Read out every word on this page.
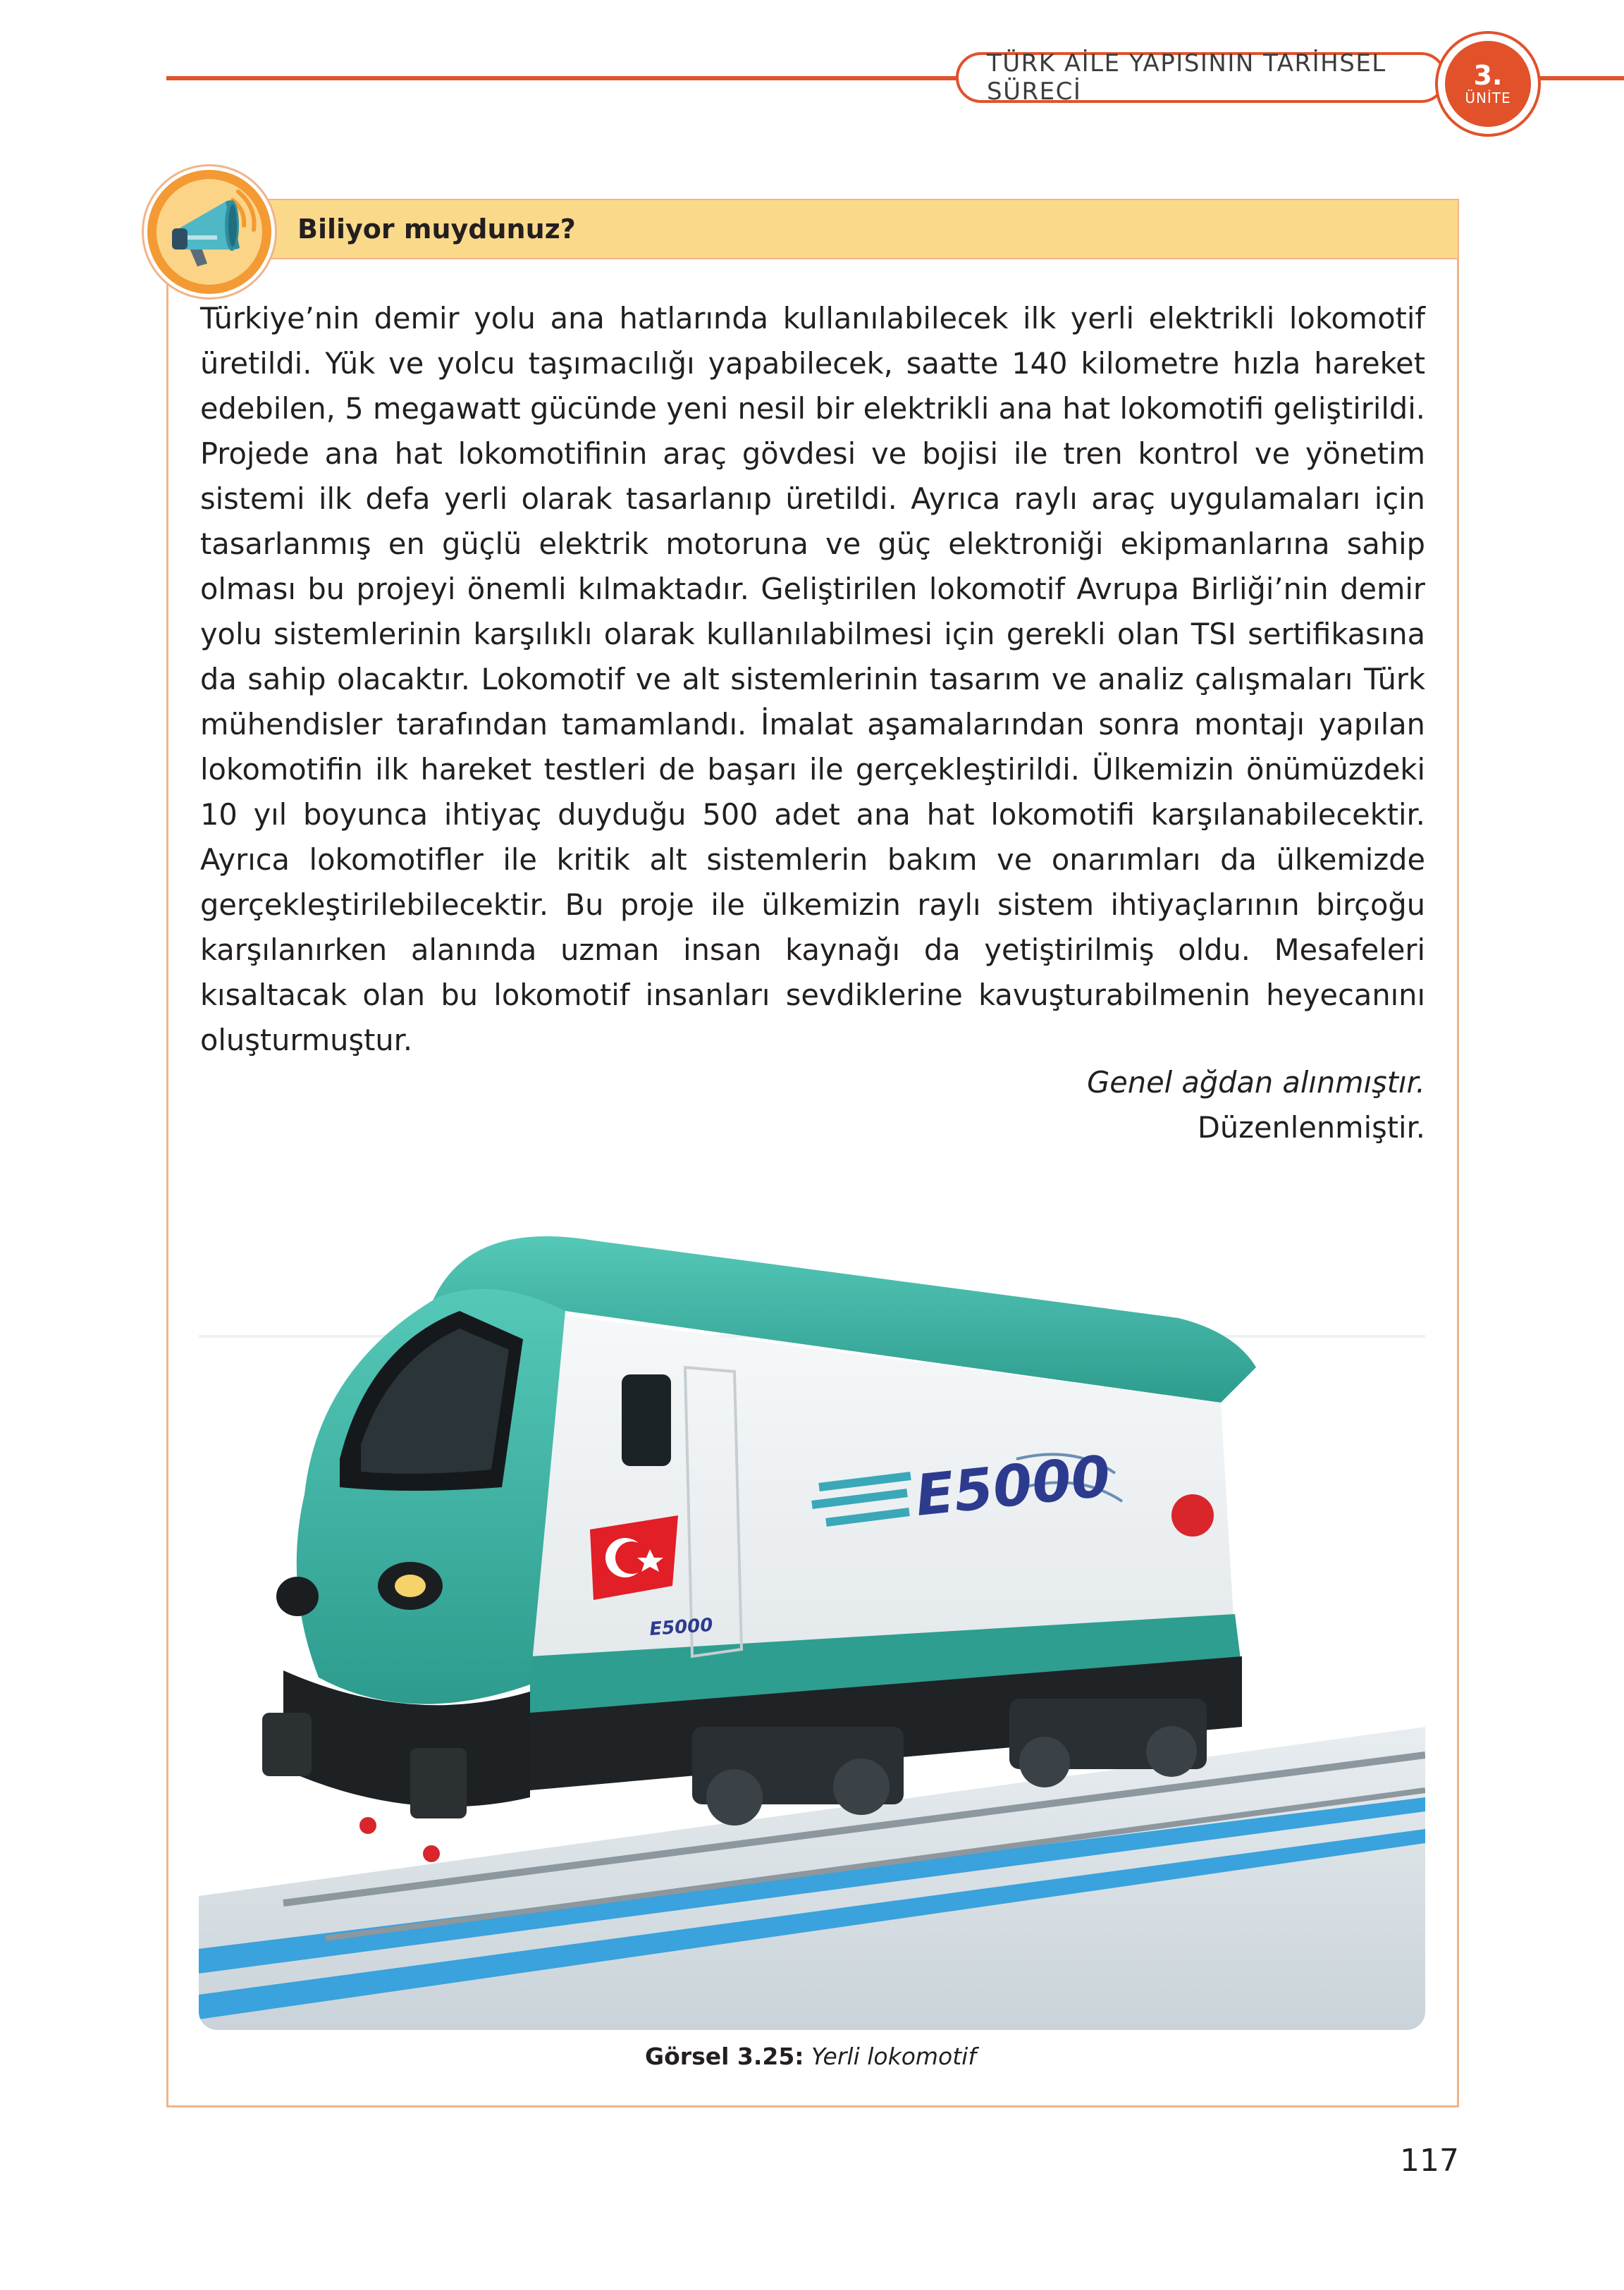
TÜRK AİLE YAPISININ TARİHSEL SÜRECİ
3.
ÜNİTE
Biliyor muydunuz?
Türkiye’nin demir yolu ana hatlarında kullanılabilecek ilk yerli elektrikli lokomotif üretildi. Yük ve yolcu taşımacılığı yapabilecek, saatte 140 kilometre hızla hareket edebilen, 5 megawatt gücünde yeni nesil bir elektrikli ana hat lokomotifi geliştirildi. Projede ana hat lokomotifinin araç gövdesi ve bojisi ile tren kontrol ve yönetim sistemi ilk defa yerli olarak tasarlanıp üretildi. Ayrıca raylı araç uygulamaları için tasarlanmış en güçlü elektrik motoruna ve güç elektroniği ekipmanlarına sahip olması bu projeyi önemli kılmaktadır. Geliştirilen lokomotif Avrupa Birliği’nin demir yolu sistemlerinin karşılıklı olarak kullanılabilmesi için gerekli olan TSI sertifikasına da sahip olacaktır. Lokomotif ve alt sistemlerinin tasarım ve analiz çalışmaları Türk mühendisler tarafından tamamlandı. İmalat aşamalarından sonra montajı yapılan lokomotifin ilk hareket testleri de başarı ile gerçekleştirildi. Ülkemizin önümüzdeki 10 yıl boyunca ihtiyaç duyduğu 500 adet ana hat lokomotifi karşılanabilecektir. Ayrıca lokomotifler ile kritik alt sistemlerin bakım ve onarımları da ülkemizde gerçekleştirilebilecektir. Bu proje ile ülkemizin raylı sistem ihtiyaçlarının birçoğu karşılanırken alanında uzman insan kaynağı da yetiştirilmiş oldu. Mesafeleri kısaltacak olan bu lokomotif insanları sevdiklerine kavuşturabilmenin heyecanını oluşturmuştur.
Genel ağdan alınmıştır.
Düzenlenmiştir.
E5000
E5000
Görsel 3.25: Yerli lokomotif
117
